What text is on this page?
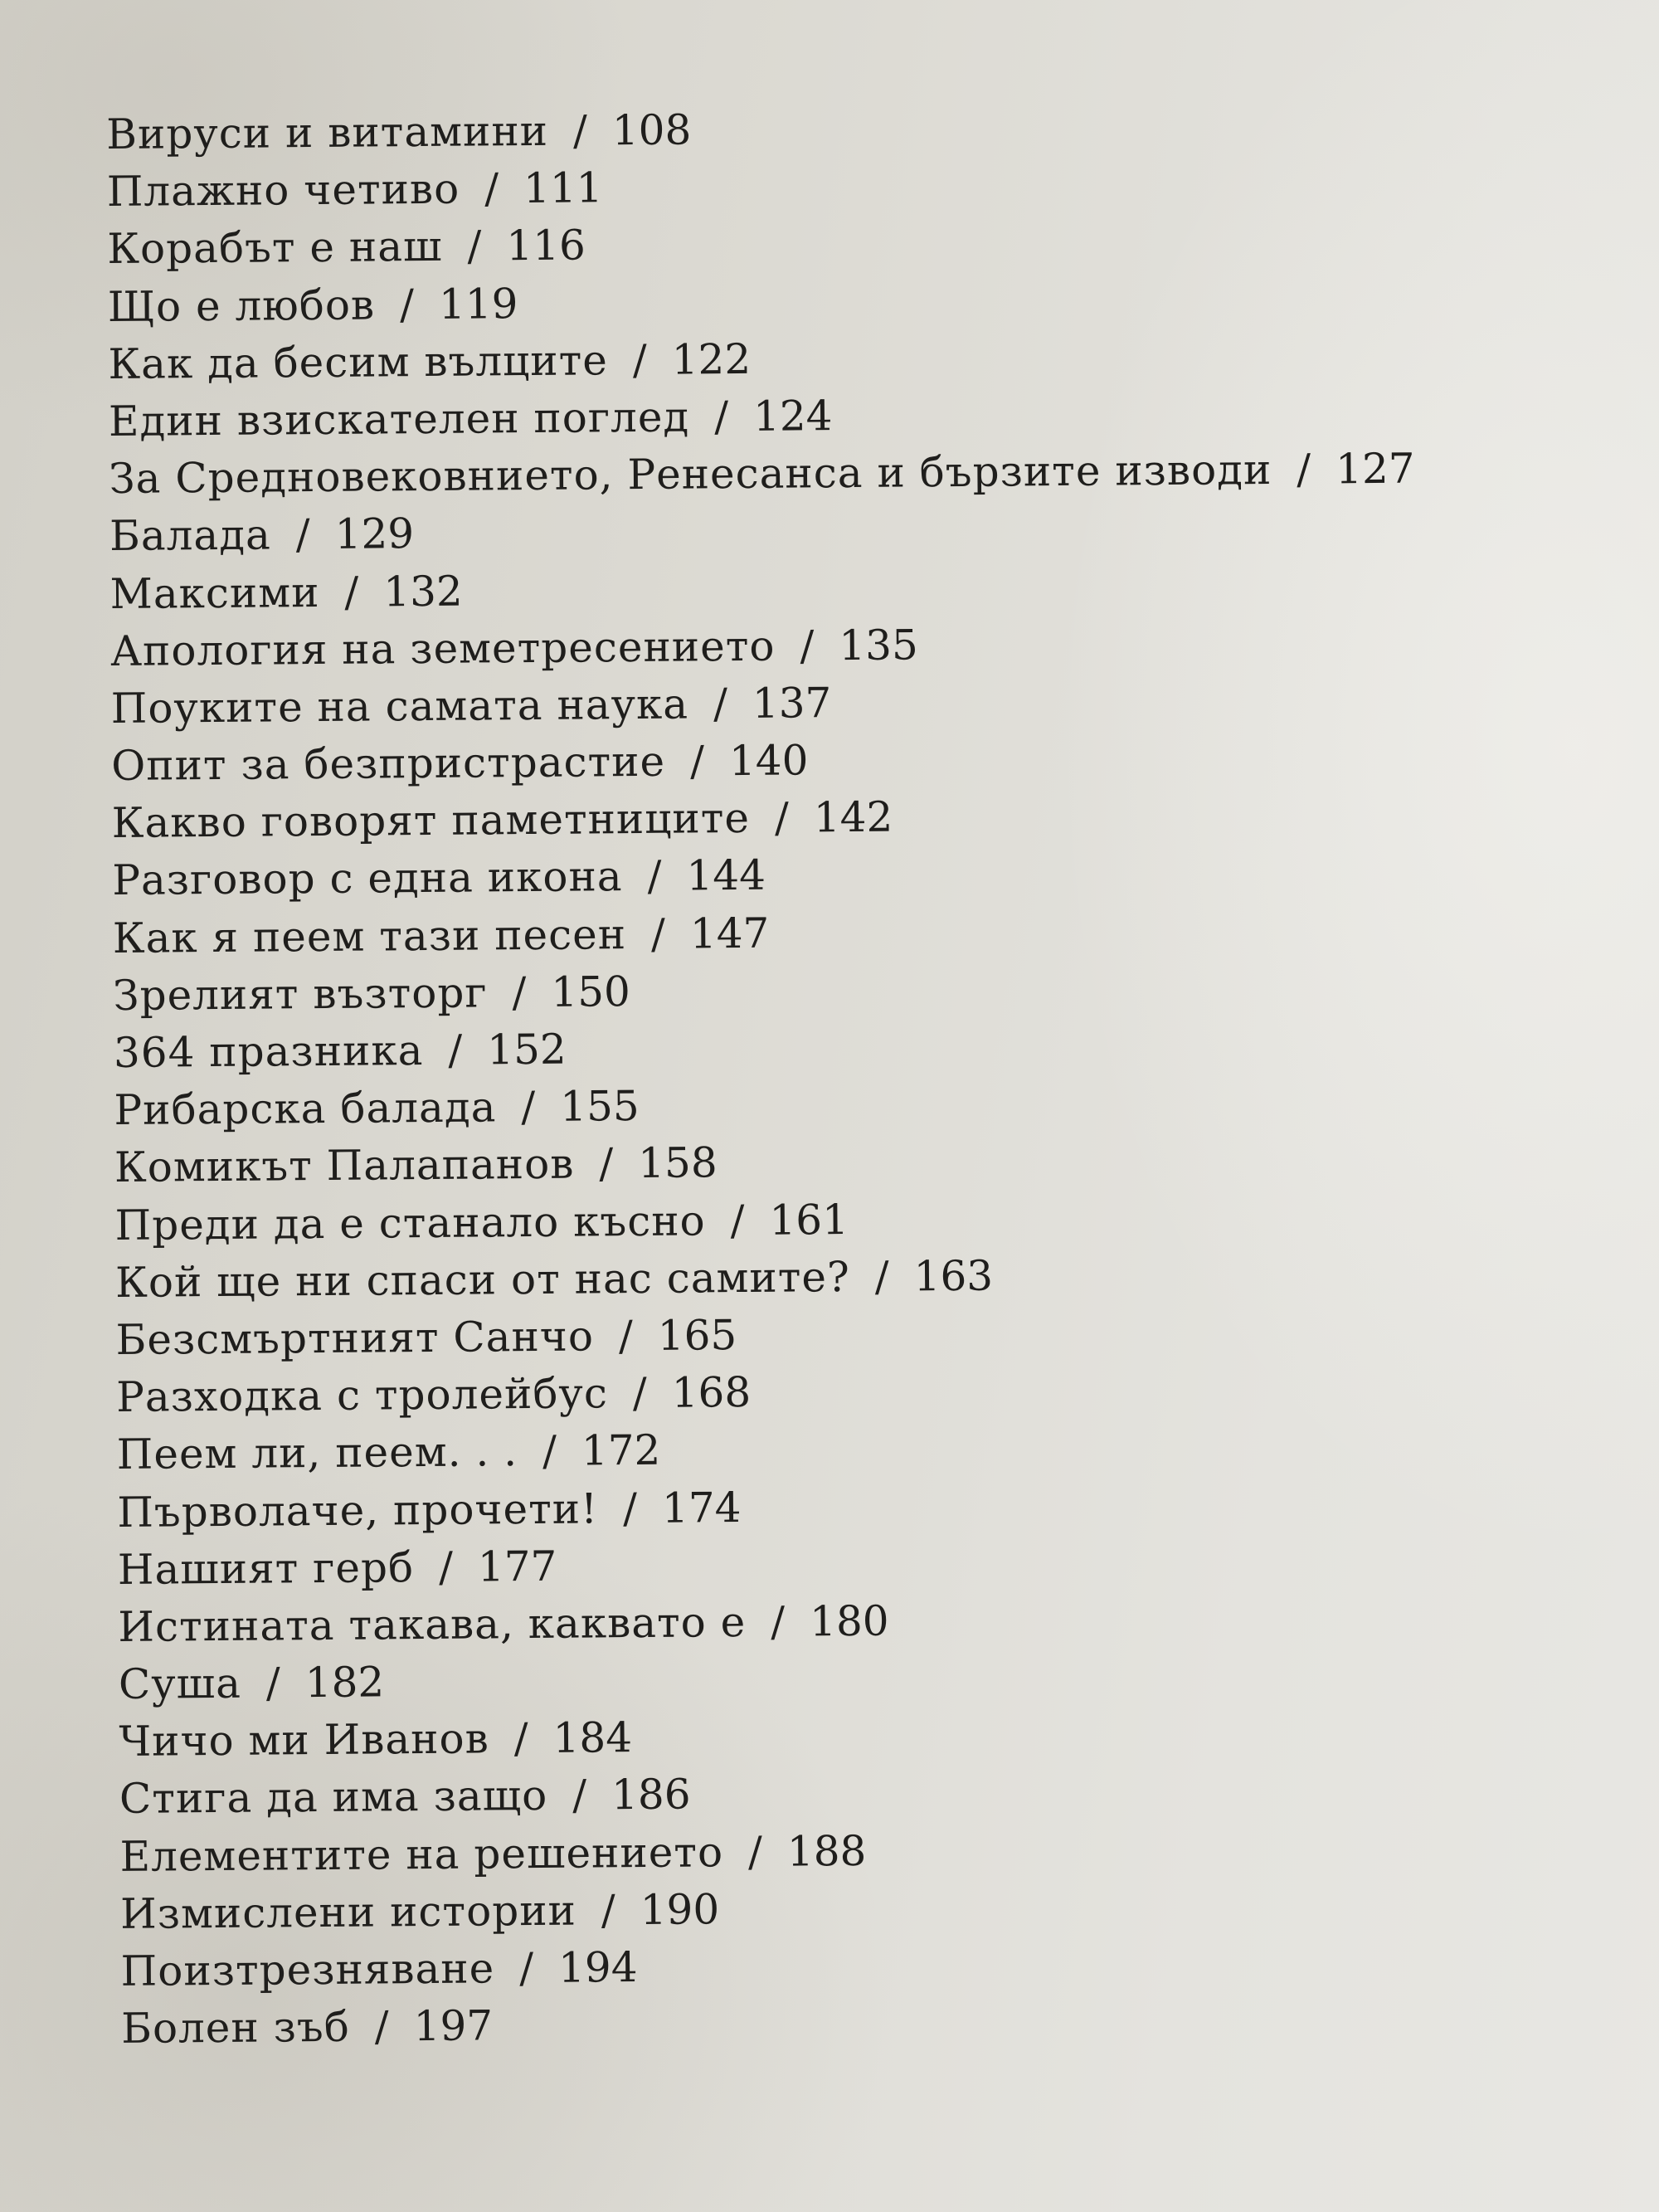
Вируси и витамини / 108
Плажно четиво / 111
Корабът е наш / 116
Що е любов / 119
Как да бесим вълците / 122
Един взискателен поглед / 124
За Средновековнието, Ренесанса и бързите изводи / 127
Балада / 129
Максими / 132
Апология на земетресението / 135
Поуките на самата наука / 137
Опит за безпристрастие / 140
Какво говорят паметниците / 142
Разговор с една икона / 144
Как я пеем тази песен / 147
Зрелият възторг / 150
364 празника / 152
Рибарска балада / 155
Комикът Палапанов / 158
Преди да е станало късно / 161
Кой ще ни спаси от нас самите? / 163
Безсмъртният Санчо / 165
Разходка с тролейбус / 168
Пеем ли, пеем. . . / 172
Първолаче, прочети! / 174
Нашият герб / 177
Истината такава, каквато е / 180
Суша / 182
Чичо ми Иванов / 184
Стига да има защо / 186
Елементите на решението / 188
Измислени истории / 190
Поизтрезняване / 194
Болен зъб / 197
